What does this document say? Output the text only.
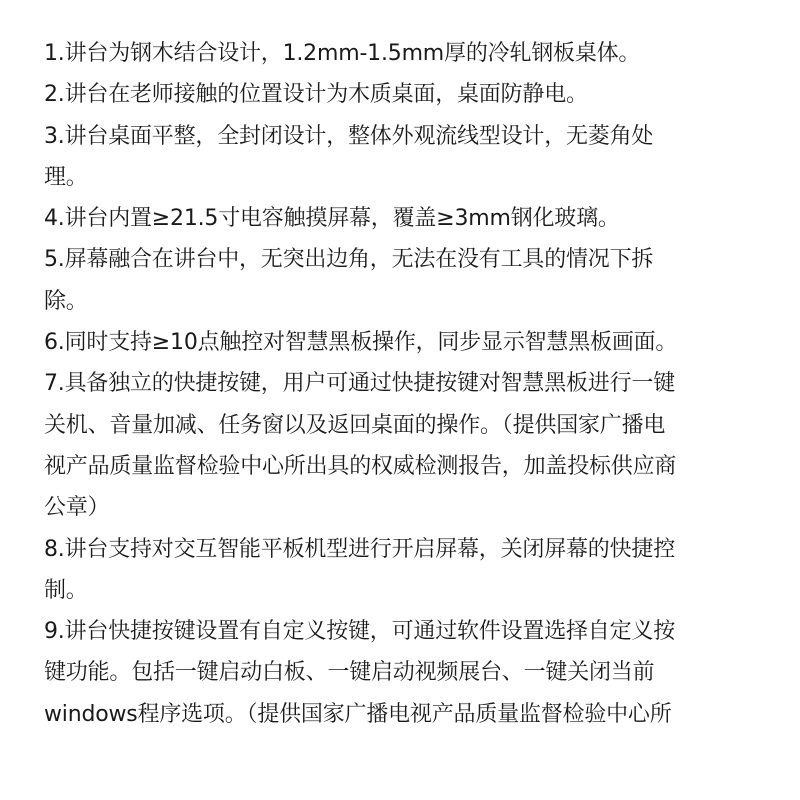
1.讲台为钢木结合设计，1.2mm-1.5mm厚的冷轧钢板桌体。
2.讲台在老师接触的位置设计为木质桌面，桌面防静电。
3.讲台桌面平整，全封闭设计，整体外观流线型设计，无菱角处
理。
4.讲台内置≥21.5寸电容触摸屏幕，覆盖≥3mm钢化玻璃。
5.屏幕融合在讲台中，无突出边角，无法在没有工具的情况下拆
除。
6.同时支持≥10点触控对智慧黑板操作，同步显示智慧黑板画面。
7.具备独立的快捷按键，用户可通过快捷按键对智慧黑板进行一键
关机、音量加减、任务窗以及返回桌面的操作。（提供国家广播电
视产品质量监督检验中心所出具的权威检测报告，加盖投标供应商
公章）
8.讲台支持对交互智能平板机型进行开启屏幕，关闭屏幕的快捷控
制。
9.讲台快捷按键设置有自定义按键，可通过软件设置选择自定义按
键功能。包括一键启动白板、一键启动视频展台、一键关闭当前
windows程序选项。（提供国家广播电视产品质量监督检验中心所
